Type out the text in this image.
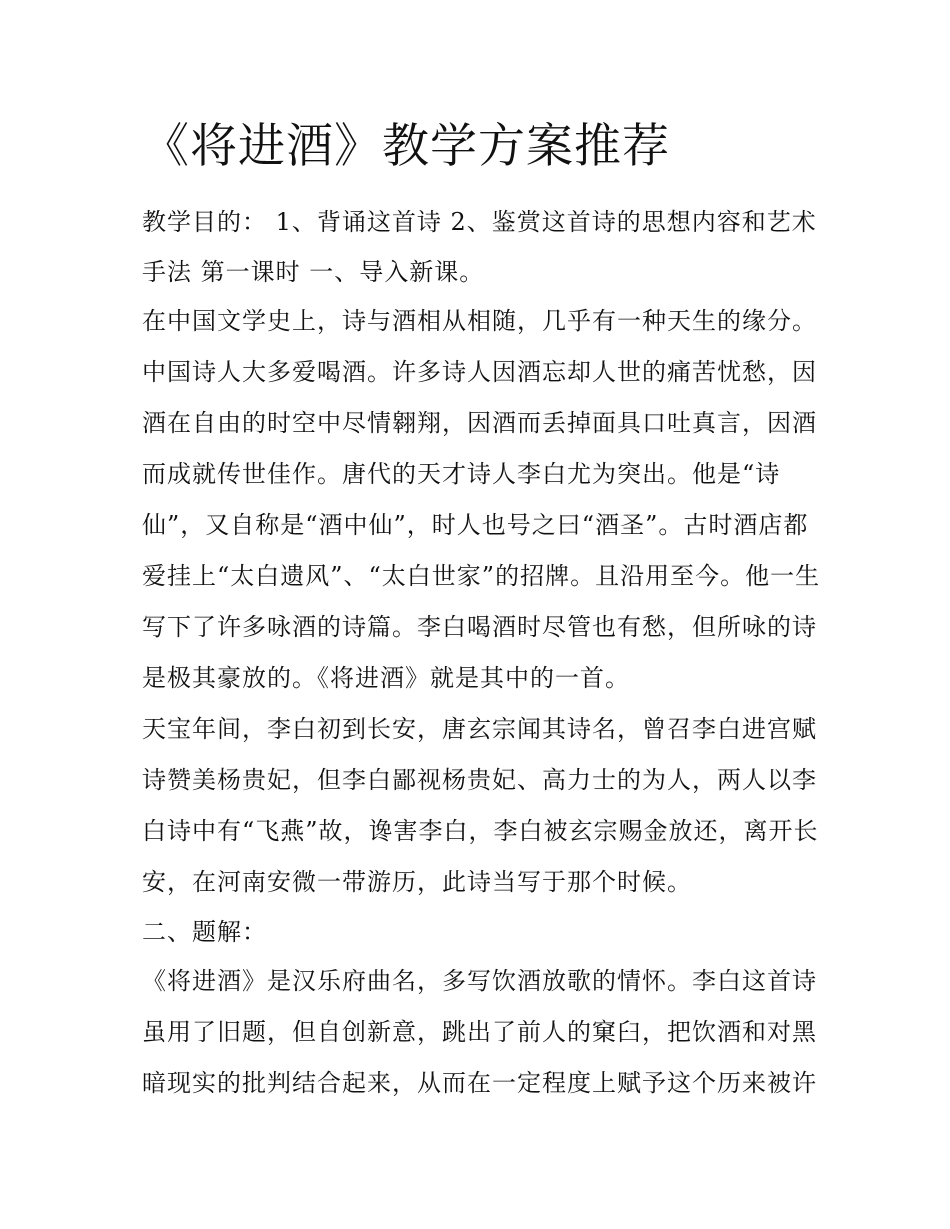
《将进酒》教学方案推荐

教学目的： 1、背诵这首诗 2、鉴赏这首诗的思想内容和艺术

手法 第一课时 一、导入新课。

在中国文学史上，诗与酒相从相随，几乎有一种天生的缘分。

中国诗人大多爱喝酒。许多诗人因酒忘却人世的痛苦忧愁，因

酒在自由的时空中尽情翱翔，因酒而丢掉面具口吐真言，因酒

而成就传世佳作。唐代的天才诗人李白尤为突出。他是“诗

仙”，又自称是“酒中仙”，时人也号之曰“酒圣”。古时酒店都

爱挂上“太白遗风”、“太白世家”的招牌。且沿用至今。他一生

写下了许多咏酒的诗篇。李白喝酒时尽管也有愁，但所咏的诗

是极其豪放的。《将进酒》就是其中的一首。

天宝年间，李白初到长安，唐玄宗闻其诗名，曾召李白进宫赋

诗赞美杨贵妃，但李白鄙视杨贵妃、高力士的为人，两人以李

白诗中有“飞燕”故，谗害李白，李白被玄宗赐金放还，离开长

安，在河南安微一带游历，此诗当写于那个时候。

二、题解：

《将进酒》是汉乐府曲名，多写饮酒放歌的情怀。李白这首诗

虽用了旧题，但自创新意，跳出了前人的窠臼，把饮酒和对黑

暗现实的批判结合起来，从而在一定程度上赋予这个历来被许
